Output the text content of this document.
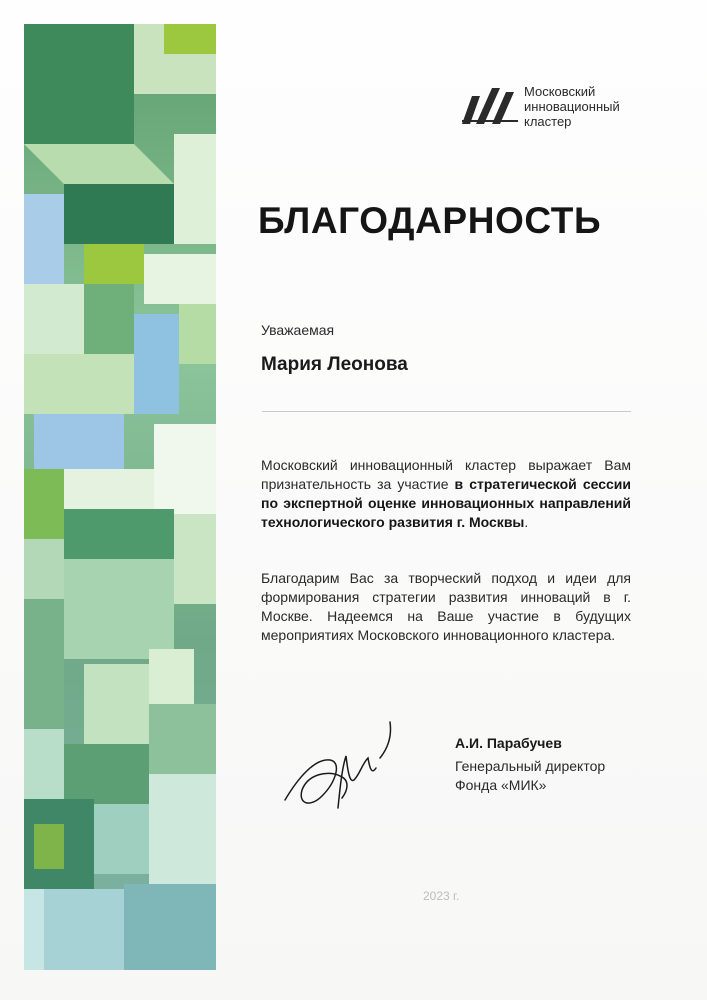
Московский
инновационный
кластер
БЛАГОДАРНОСТЬ
Уважаемая
Мария Леонова
Московский инновационный кластер выражает Вам признательность за участие в стратегической сессии по экспертной оценке инновационных направлений технологического развития г. Москвы.
Благодарим Вас за творческий подход и идеи для формирования стратегии развития инноваций в г. Москве. Надеемся на Ваше участие в будущих мероприятиях Московского инновационного кластера.
А.И. Парабучев
Генеральный директор
Фонда «МИК»
2023 г.
